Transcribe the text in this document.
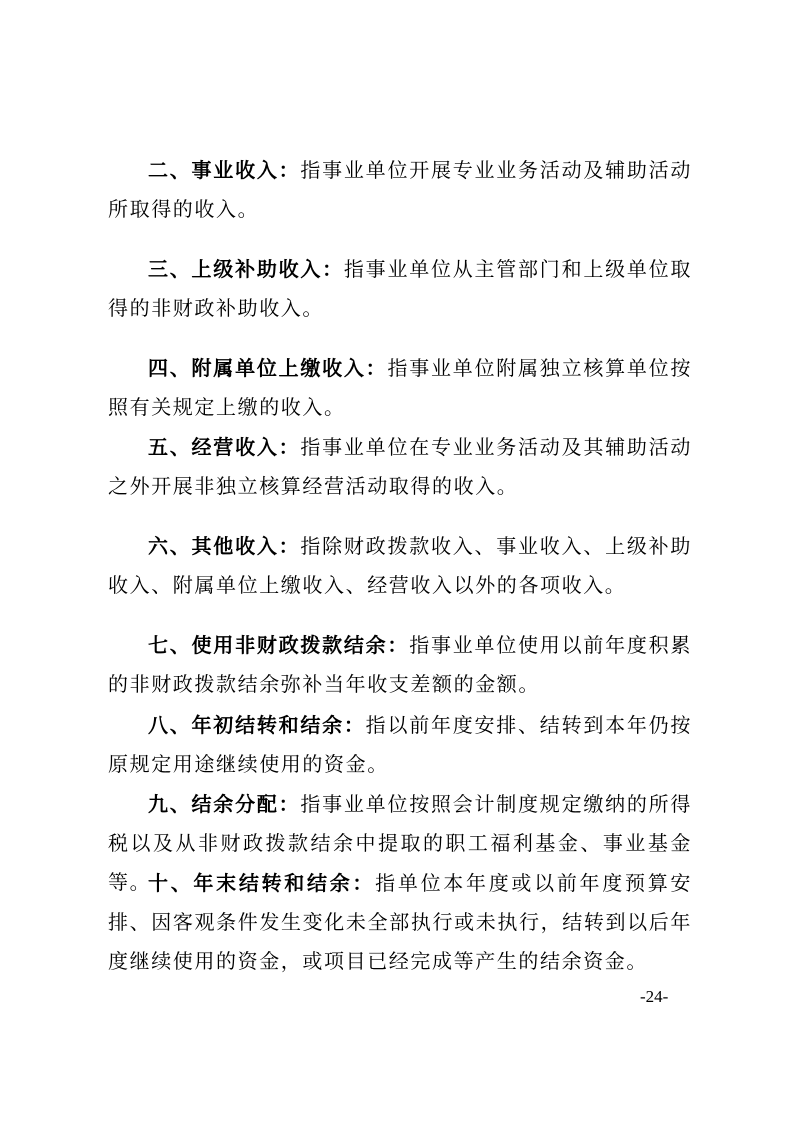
二、事业收入：指事业单位开展专业业务活动及辅助活动所取得的收入。

三、上级补助收入：指事业单位从主管部门和上级单位取得的非财政补助收入。

四、附属单位上缴收入：指事业单位附属独立核算单位按照有关规定上缴的收入。

五、经营收入：指事业单位在专业业务活动及其辅助活动之外开展非独立核算经营活动取得的收入。

六、其他收入：指除财政拨款收入、事业收入、上级补助收入、附属单位上缴收入、经营收入以外的各项收入。

七、使用非财政拨款结余：指事业单位使用以前年度积累的非财政拨款结余弥补当年收支差额的金额。

八、年初结转和结余：指以前年度安排、结转到本年仍按原规定用途继续使用的资金。

九、结余分配：指事业单位按照会计制度规定缴纳的所得税以及从非财政拨款结余中提取的职工福利基金、事业基金等。

十、年末结转和结余：指单位本年度或以前年度预算安排、因客观条件发生变化未全部执行或未执行，结转到以后年度继续使用的资金，或项目已经完成等产生的结余资金。

-24-
